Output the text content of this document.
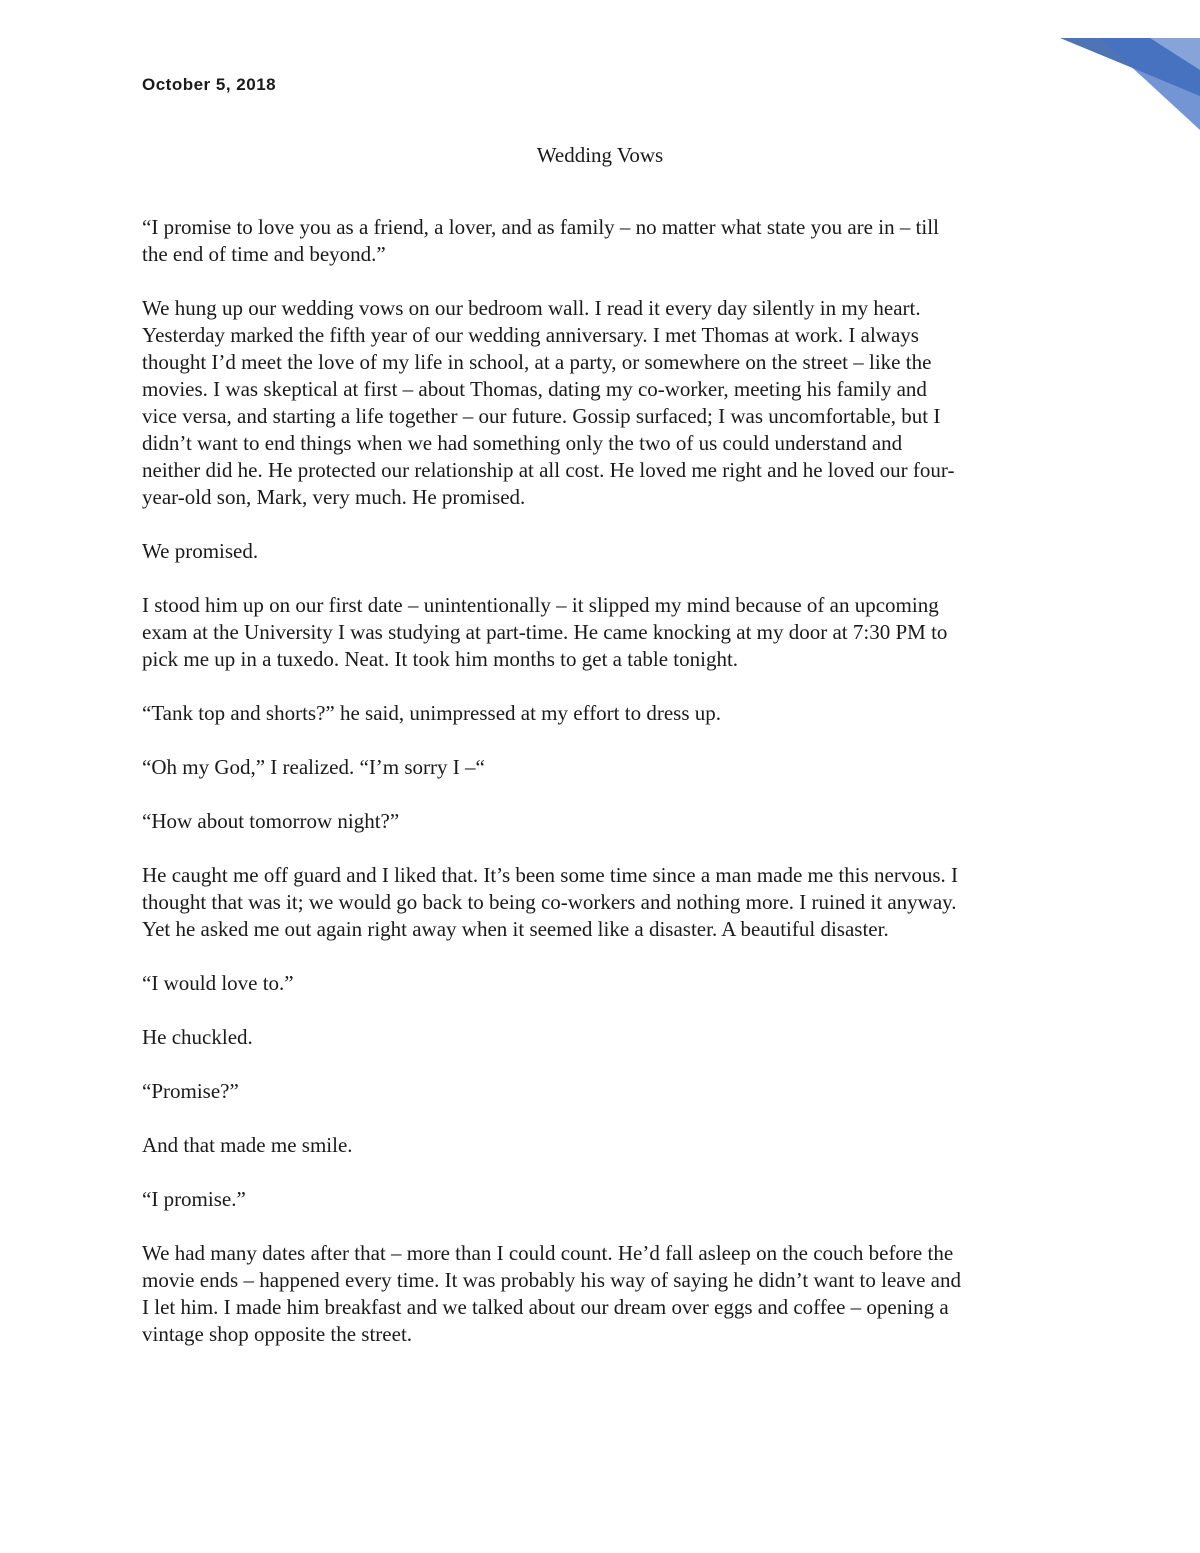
October 5, 2018
Wedding Vows

“I promise to love you as a friend, a lover, and as family – no matter what state you are in – till
the end of time and beyond.”

We hung up our wedding vows on our bedroom wall. I read it every day silently in my heart.
Yesterday marked the fifth year of our wedding anniversary. I met Thomas at work. I always
thought I’d meet the love of my life in school, at a party, or somewhere on the street – like the
movies. I was skeptical at first – about Thomas, dating my co-worker, meeting his family and
vice versa, and starting a life together – our future. Gossip surfaced; I was uncomfortable, but I
didn’t want to end things when we had something only the two of us could understand and
neither did he. He protected our relationship at all cost. He loved me right and he loved our four-
year-old son, Mark, very much. He promised.

We promised.

I stood him up on our first date – unintentionally – it slipped my mind because of an upcoming
exam at the University I was studying at part-time. He came knocking at my door at 7:30 PM to
pick me up in a tuxedo. Neat. It took him months to get a table tonight.

“Tank top and shorts?” he said, unimpressed at my effort to dress up.

“Oh my God,” I realized. “I’m sorry I –“

“How about tomorrow night?”

He caught me off guard and I liked that. It’s been some time since a man made me this nervous. I
thought that was it; we would go back to being co-workers and nothing more. I ruined it anyway.
Yet he asked me out again right away when it seemed like a disaster. A beautiful disaster.

“I would love to.”

He chuckled.

“Promise?”

And that made me smile.

“I promise.”

We had many dates after that – more than I could count. He’d fall asleep on the couch before the
movie ends – happened every time. It was probably his way of saying he didn’t want to leave and
I let him. I made him breakfast and we talked about our dream over eggs and coffee – opening a
vintage shop opposite the street.
